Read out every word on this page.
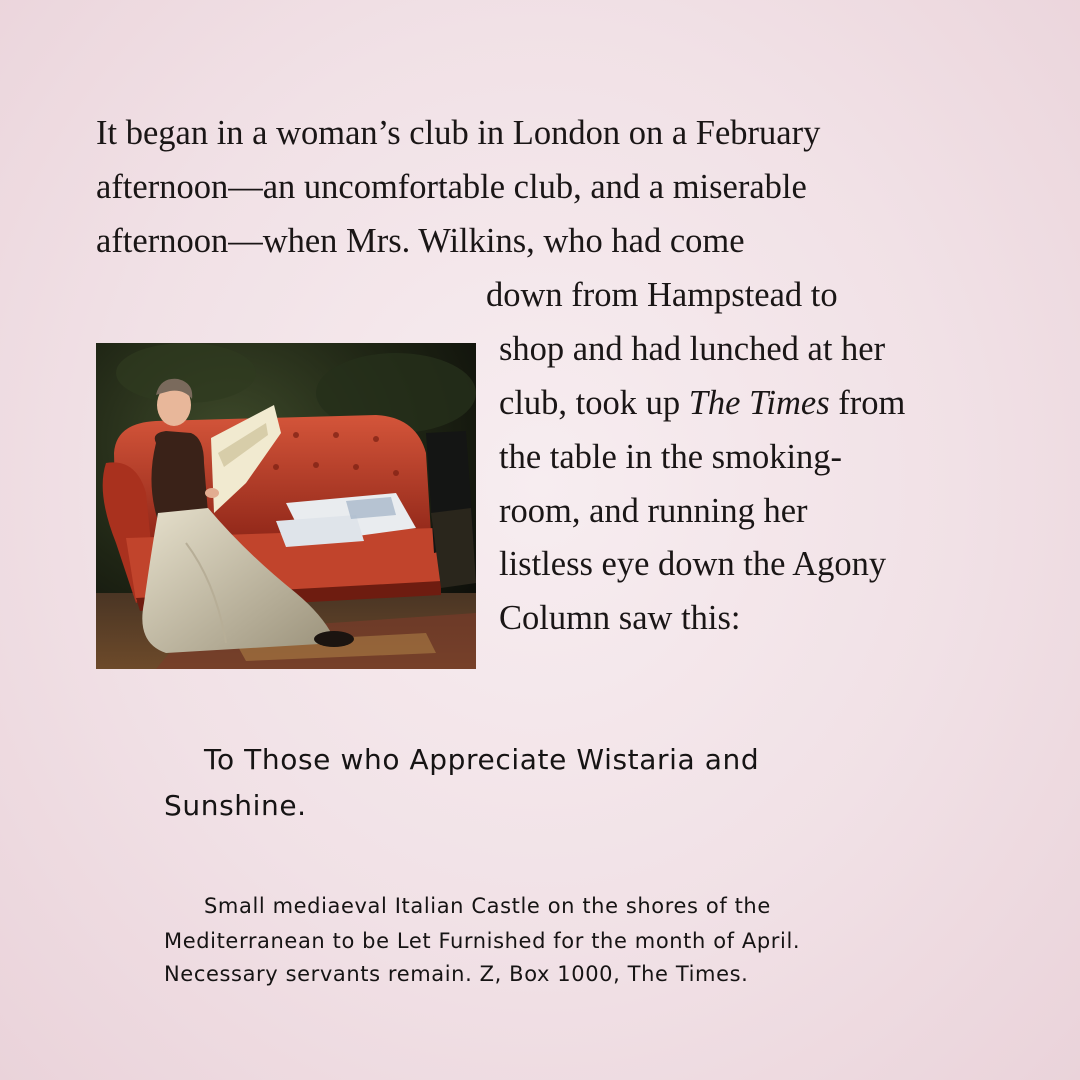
It began in a woman’s club in London on a February
afternoon—an uncomfortable club, and a miserable
afternoon—when Mrs. Wilkins, who had come
down from Hampstead to
shop and had lunched at her
club, took up The Times from
the table in the smoking-
room, and running her
listless eye down the Agony
Column saw this:
To Those who Appreciate Wistaria and
Sunshine.
Small mediaeval Italian Castle on the shores of the
Mediterranean to be Let Furnished for the month of April.
Necessary servants remain. Z, Box 1000, The Times.
